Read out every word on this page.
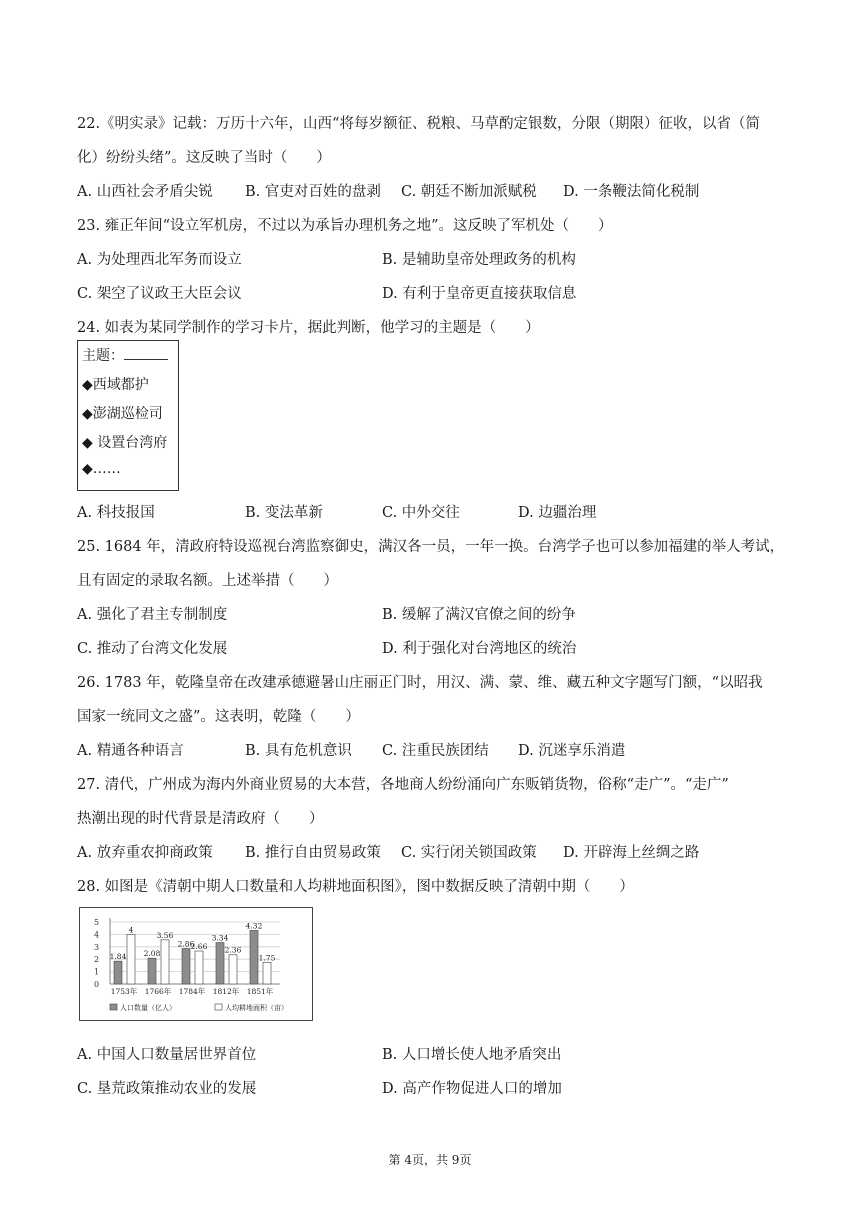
22.《明实录》记载：万历十六年，山西“将每岁额征、税粮、马草酌定银数，分限（期限）征收，以省（简
化）纷纷头绪”。这反映了当时（　　）
A. 山西社会矛盾尖锐 B. 官吏对百姓的盘剥 C. 朝廷不断加派赋税 D. 一条鞭法简化税制
23. 雍正年间“设立军机房，不过以为承旨办理机务之地”。这反映了军机处（　　）
A. 为处理西北军务而设立	B. 是辅助皇帝处理政务的机构
C. 架空了议政王大臣会议	D. 有利于皇帝更直接获取信息
24. 如表为某同学制作的学习卡片，据此判断，他学习的主题是（　　）
主题：
◆西域都护
◆澎湖巡检司
◆ 设置台湾府
◆……
A. 科技报国	B. 变法革新	C. 中外交往	D. 边疆治理
25. 1684 年，清政府特设巡视台湾监察御史，满汉各一员，一年一换。台湾学子也可以参加福建的举人考试，
且有固定的录取名额。上述举措（　　）
A. 强化了君主专制制度	B. 缓解了满汉官僚之间的纷争
C. 推动了台湾文化发展	D. 利于强化对台湾地区的统治
26. 1783 年，乾隆皇帝在改建承德避暑山庄丽正门时，用汉、满、蒙、维、藏五种文字题写门额，“以昭我
国家一统同文之盛”。这表明，乾隆（　　）
A. 精通各种语言	B. 具有危机意识 C. 注重民族团结 D. 沉迷享乐消遣
27. 清代，广州成为海内外商业贸易的大本营，各地商人纷纷涌向广东贩销货物，俗称“走广”。“走广”
热潮出现的时代背景是清政府（　　）
A. 放弃重农抑商政策 B. 推行自由贸易政策 C. 实行闭关锁国政策 D. 开辟海上丝绸之路
28. 如图是《清朝中期人口数量和人均耕地面积图》，图中数据反映了清朝中期（　　）
0
1
2
3
4
5
1.84
4
1753年
2.08
3.56
1766年
2.86
2.66
1784年
3.34
2.36
1812年
4.32
1.75
1851年
人口数量（亿人）	人均耕地面积（亩）
A. 中国人口数量居世界首位	B. 人口增长使人地矛盾突出
C. 垦荒政策推动农业的发展	D. 高产作物促进人口的增加
第 4页，共 9页
